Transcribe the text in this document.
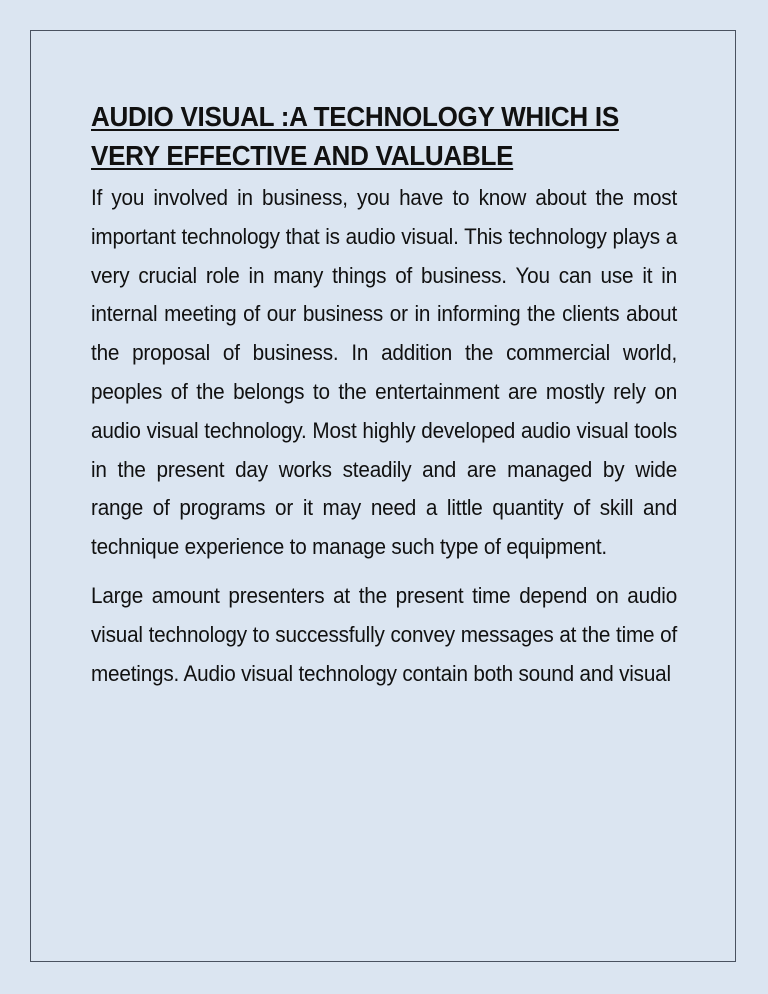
AUDIO VISUAL :A TECHNOLOGY WHICH IS VERY EFFECTIVE AND VALUABLE

If you involved in business, you have to know about the most important technology that is audio visual. This technology plays a very crucial role in many things of business. You can use it in internal meeting of our business or in informing the clients about the proposal of business. In addition the commercial world, peoples of the belongs to the entertainment are mostly rely on audio visual technology. Most highly developed audio visual tools in the present day works steadily and are managed by wide range of programs or it may need a little quantity of skill and technique experience to manage such type of equipment.

Large amount presenters at the present time depend on audio visual technology to successfully convey messages at the time of meetings. Audio visual technology contain both sound and visual
